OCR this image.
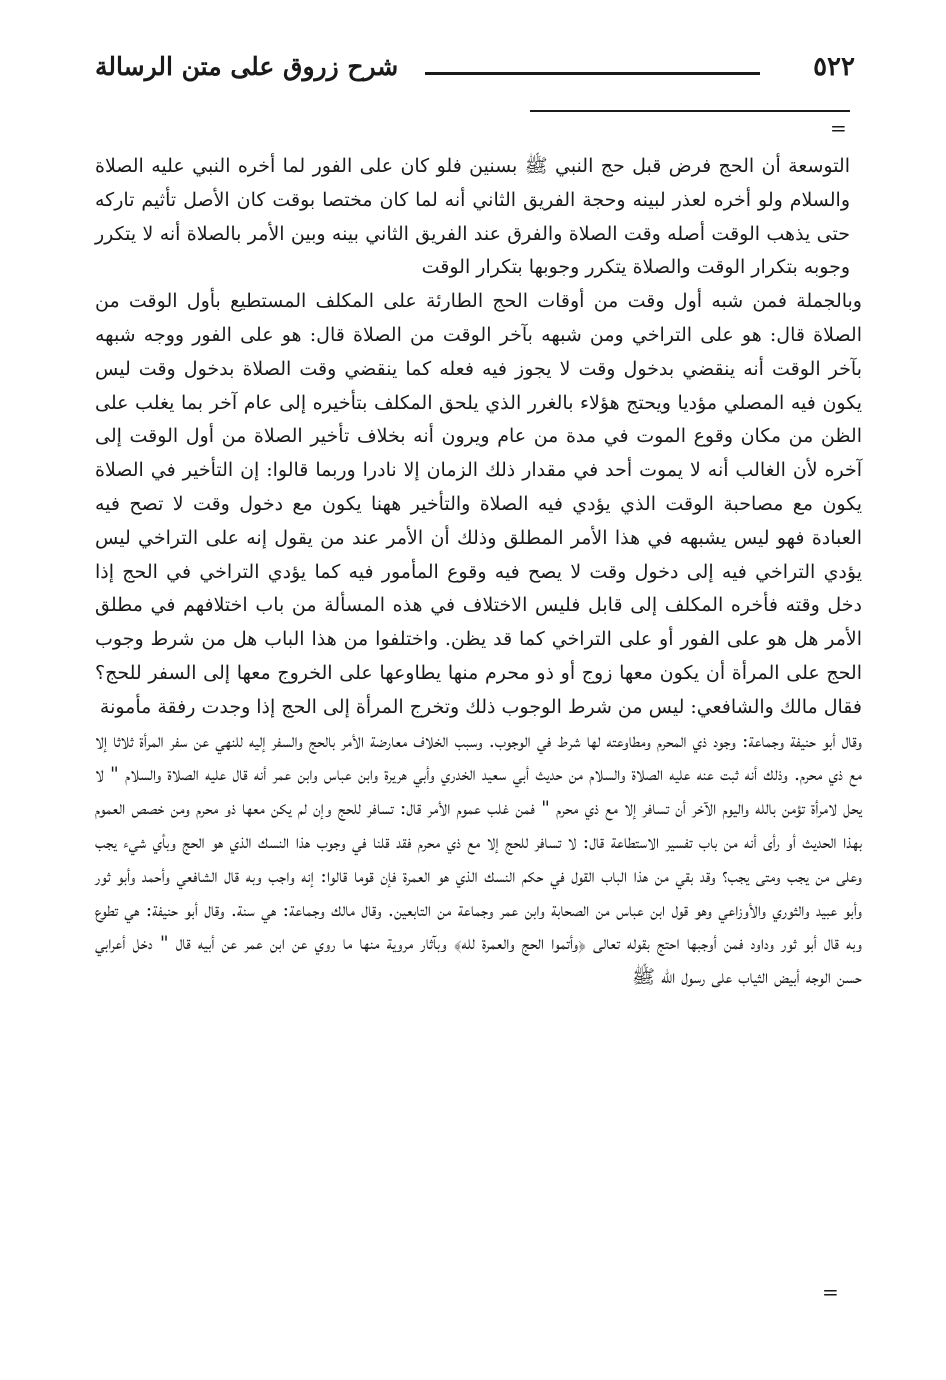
٥٢٢
شرح زروق على متن الرسالة
=

التوسعة أن الحج فرض قبل حج النبي ﷺ بسنين فلو كان على الفور لما أخره النبي عليه الصلاة والسلام ولو أخره لعذر لبينه وحجة الفريق الثاني أنه لما كان مختصا بوقت كان الأصل تأثيم تاركه حتى يذهب الوقت أصله وقت الصلاة والفرق عند الفريق الثاني بينه وبين الأمر بالصلاة أنه لا يتكرر وجوبه بتكرار الوقت والصلاة يتكرر وجوبها بتكرار الوقت

وبالجملة فمن شبه أول وقت من أوقات الحج الطارئة على المكلف المستطيع بأول الوقت من الصلاة قال: هو على التراخي ومن شبهه بآخر الوقت من الصلاة قال: هو على الفور ووجه شبهه بآخر الوقت أنه ينقضي بدخول وقت لا يجوز فيه فعله كما ينقضي وقت الصلاة بدخول وقت ليس يكون فيه المصلي مؤديا ويحتج هؤلاء بالغرر الذي يلحق المكلف بتأخيره إلى عام آخر بما يغلب على الظن من مكان وقوع الموت في مدة من عام ويرون أنه بخلاف تأخير الصلاة من أول الوقت إلى آخره لأن الغالب أنه لا يموت أحد في مقدار ذلك الزمان إلا نادرا وربما قالوا: إن التأخير في الصلاة يكون مع مصاحبة الوقت الذي يؤدي فيه الصلاة والتأخير ههنا يكون مع دخول وقت لا تصح فيه العبادة فهو ليس يشبهه في هذا الأمر المطلق وذلك أن الأمر عند من يقول إنه على التراخي ليس يؤدي التراخي فيه إلى دخول وقت لا يصح فيه وقوع المأمور فيه كما يؤدي التراخي في الحج إذا دخل وقته فأخره المكلف إلى قابل فليس الاختلاف في هذه المسألة من باب اختلافهم في مطلق الأمر هل هو على الفور أو على التراخي كما قد يظن. واختلفوا من هذا الباب هل من شرط وجوب الحج على المرأة أن يكون معها زوج أو ذو محرم منها يطاوعها على الخروج معها إلى السفر للحج؟ فقال مالك والشافعي: ليس من شرط الوجوب ذلك وتخرج المرأة إلى الحج إذا وجدت رفقة مأمونة

وقال أبو حنيفة وجماعة: وجود ذي المحرم ومطاوعته لها شرط في الوجوب. وسبب الخلاف معارضة الأمر بالحج والسفر إليه للنهي عن سفر المرأة ثلاثا إلا مع ذي محرم. وذلك أنه ثبت عنه عليه الصلاة والسلام من حديث أبي سعيد الخدري وأبي هريرة وابن عباس وابن عمر أنه قال عليه الصلاة والسلام " لا يحل لامرأة تؤمن بالله واليوم الآخر أن تسافر إلا مع ذي محرم " فمن غلب عموم الأمر قال: تسافر للحج وإن لم يكن معها ذو محرم ومن خصص العموم بهذا الحديث أو رأى أنه من باب تفسير الاستطاعة قال: لا تسافر للحج إلا مع ذي محرم فقد قلنا في وجوب هذا النسك الذي هو الحج وبأي شيء يجب وعلى من يجب ومتى يجب؟ وقد بقي من هذا الباب القول في حكم النسك الذي هو العمرة فإن قوما قالوا: إنه واجب وبه قال الشافعي وأحمد وأبو ثور وأبو عبيد والثوري والأوزاعي وهو قول ابن عباس من الصحابة وابن عمر وجماعة من التابعين. وقال مالك وجماعة: هي سنة. وقال أبو حنيفة: هي تطوع وبه قال أبو ثور وداود فمن أوجبها احتج بقوله تعالى ﴿وأتموا الحج والعمرة لله﴾ وبآثار مروية منها ما روي عن ابن عمر عن أبيه قال " دخل أعرابي حسن الوجه أبيض الثياب على رسول الله ﷺ

=
